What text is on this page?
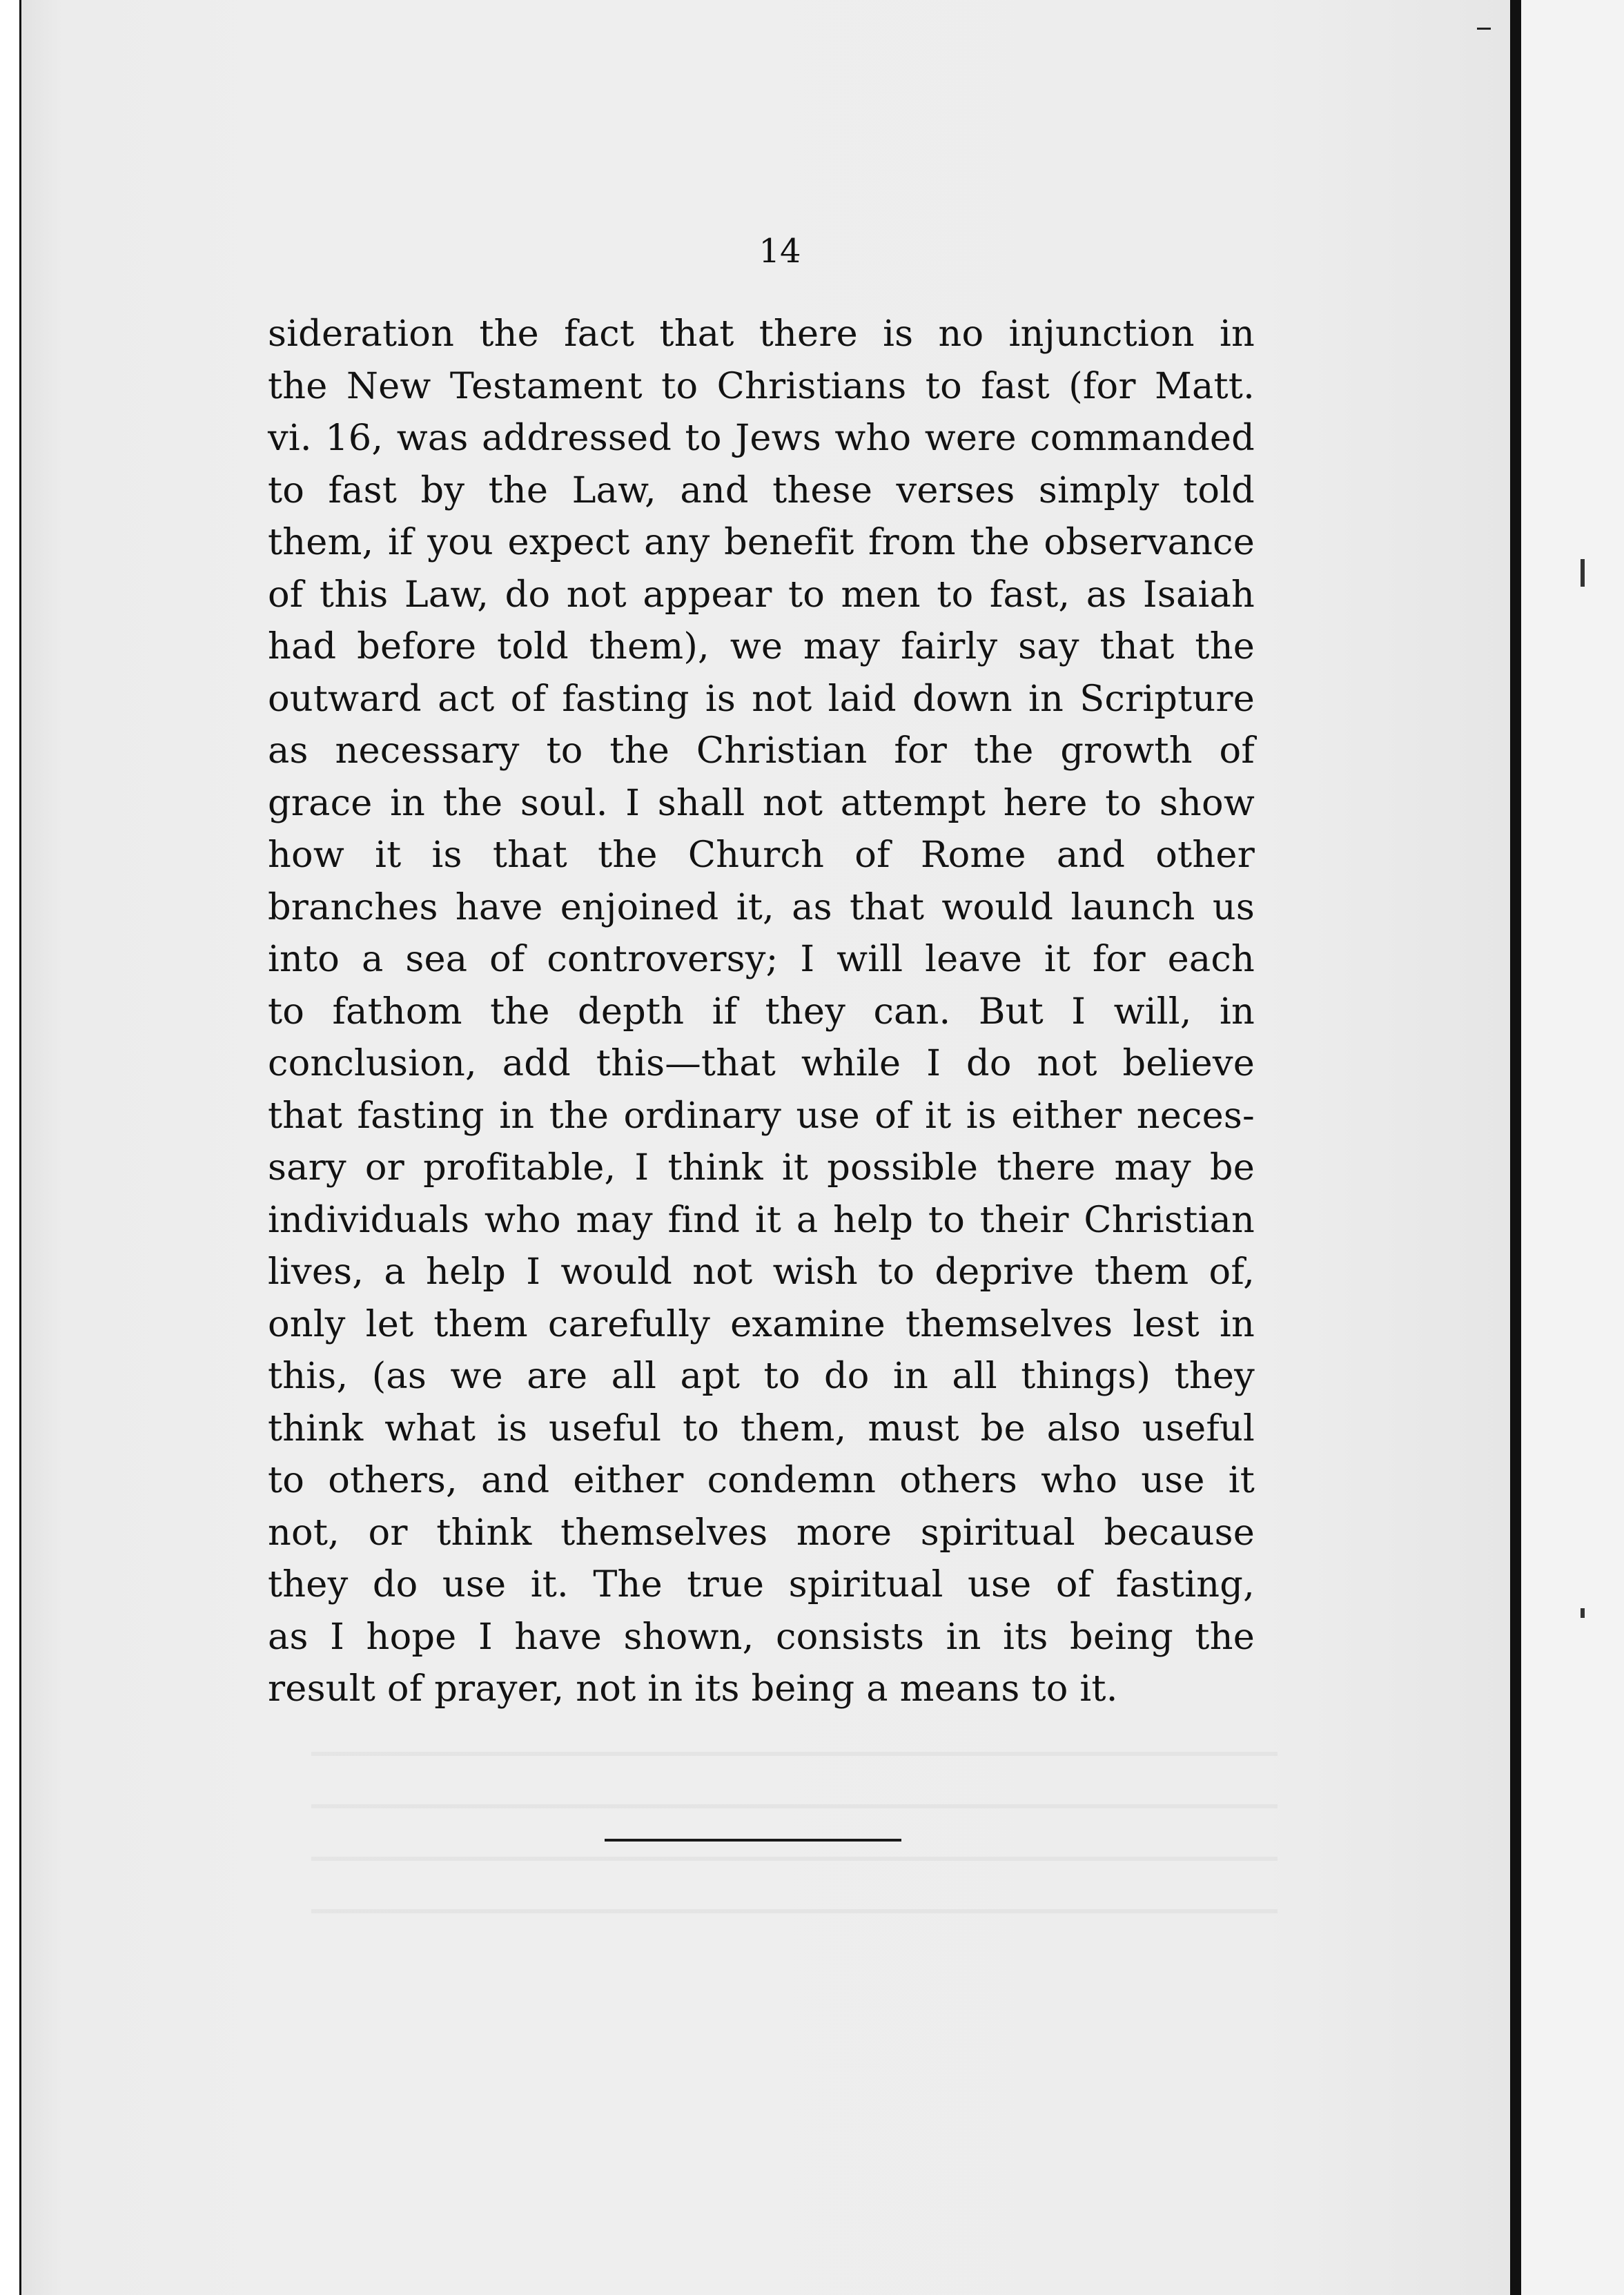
14
sideration the fact that there is no injunction in
the New Testament to Christians to fast (for Matt.
vi. 16, was addressed to Jews who were commanded
to fast by the Law, and these verses simply told
them, if you expect any benefit from the observance
of this Law, do not appear to men to fast, as Isaiah
had before told them), we may fairly say that the
outward act of fasting is not laid down in Scripture
as necessary to the Christian for the growth of
grace in the soul. I shall not attempt here to show
how it is that the Church of Rome and other
branches have enjoined it, as that would launch us
into a sea of controversy; I will leave it for each
to fathom the depth if they can. But I will, in
conclusion, add this—that while I do not believe
that fasting in the ordinary use of it is either neces-
sary or profitable, I think it possible there may be
individuals who may find it a help to their Christian
lives, a help I would not wish to deprive them of,
only let them carefully examine themselves lest in
this, (as we are all apt to do in all things) they
think what is useful to them, must be also useful
to others, and either condemn others who use it
not, or think themselves more spiritual because
they do use it. The true spiritual use of fasting,
as I hope I have shown, consists in its being the
result of prayer, not in its being a means to it.
